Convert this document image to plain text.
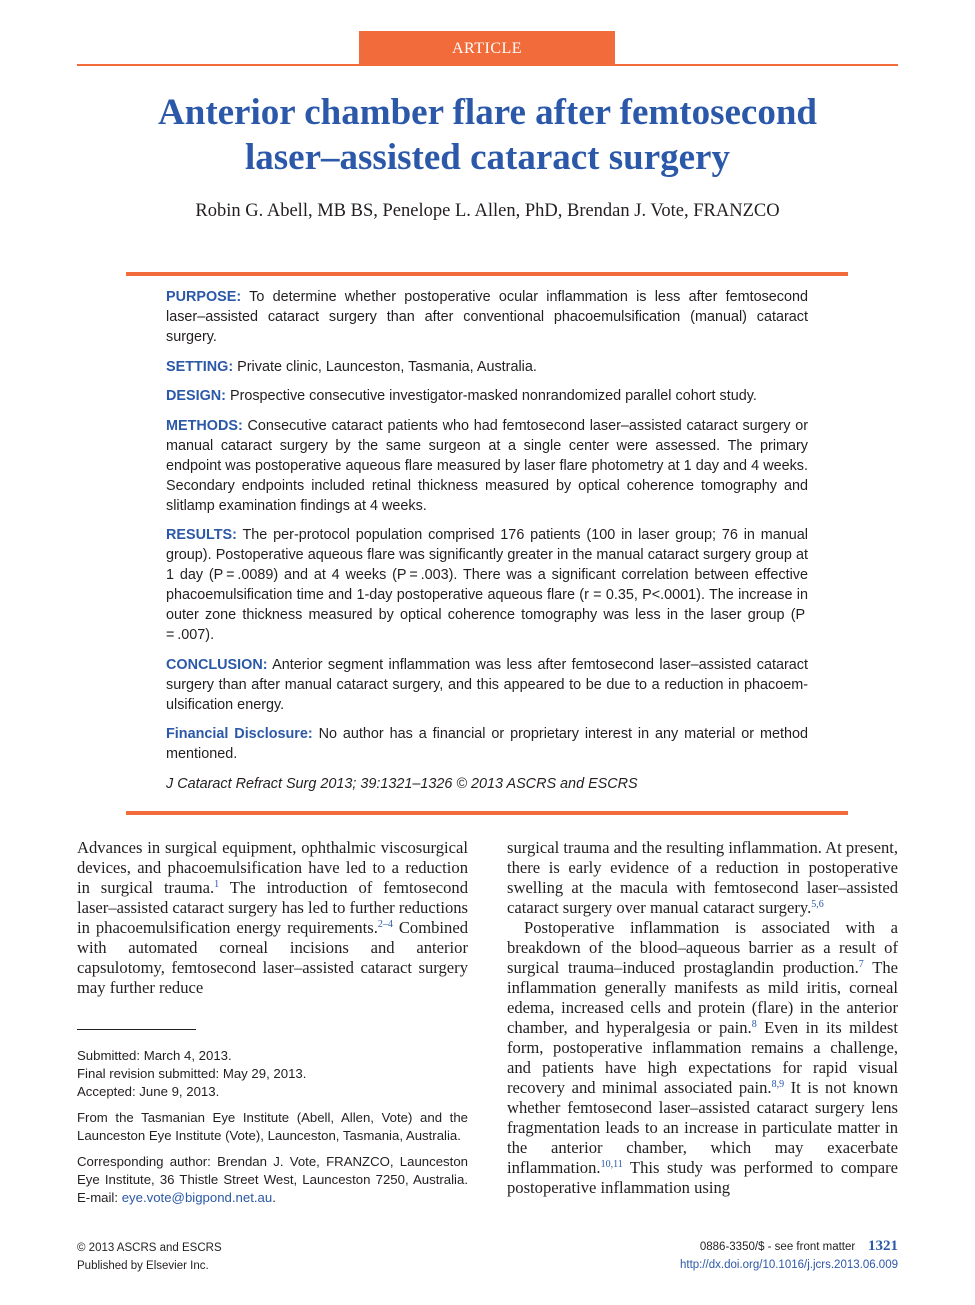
ARTICLE
Anterior chamber flare after femtosecond
laser–assisted cataract surgery
Robin G. Abell, MB BS, Penelope L. Allen, PhD, Brendan J. Vote, FRANZCO

PURPOSE: To determine whether postoperative ocular inflammation is less after femtosecond laser–assisted cataract surgery than after conventional phacoemulsification (manual) cataract surgery.

SETTING: Private clinic, Launceston, Tasmania, Australia.

DESIGN: Prospective consecutive investigator-masked nonrandomized parallel cohort study.

METHODS: Consecutive cataract patients who had femtosecond laser–assisted cataract surgery or manual cataract surgery by the same surgeon at a single center were assessed. The primary endpoint was postoperative aqueous flare measured by laser flare photometry at 1 day and 4 weeks. Secondary endpoints included retinal thickness measured by optical coherence tomography and slitlamp examination findings at 4 weeks.

RESULTS: The per-protocol population comprised 176 patients (100 in laser group; 76 in manual group). Postoperative aqueous flare was significantly greater in the manual cataract surgery group at 1 day (P = .0089) and at 4 weeks (P = .003). There was a significant correlation between effective phacoemulsification time and 1-day postoperative aqueous flare (r = 0.35, P<.0001). The increase in outer zone thickness measured by optical coherence tomography was less in the laser group (P = .007).

CONCLUSION: Anterior segment inflammation was less after femtosecond laser–assisted cataract surgery than after manual cataract surgery, and this appeared to be due to a reduction in phacoemulsification energy.

Financial Disclosure: No author has a financial or proprietary interest in any material or method mentioned.

J Cataract Refract Surg 2013; 39:1321–1326 © 2013 ASCRS and ESCRS

Advances in surgical equipment, ophthalmic viscosurgical devices, and phacoemulsification have led to a reduction in surgical trauma.$^1$ The introduction of femtosecond laser–assisted cataract surgery has led to further reductions in phacoemulsification energy requirements.$^{2-4}$ Combined with automated corneal incisions and anterior capsulotomy, femtosecond laser–assisted cataract surgery may further reduce

Submitted: March 4, 2013.
Final revision submitted: May 29, 2013.
Accepted: June 9, 2013.

From the Tasmanian Eye Institute (Abell, Allen, Vote) and the Launceston Eye Institute (Vote), Launceston, Tasmania, Australia.

Corresponding author: Brendan J. Vote, FRANZCO, Launceston Eye Institute, 36 Thistle Street West, Launceston 7250, Australia. E-mail: eye.vote@bigpond.net.au.

surgical trauma and the resulting inflammation. At present, there is early evidence of a reduction in postoperative swelling at the macula with femtosecond laser–assisted cataract surgery over manual cataract surgery.$^{5,6}$

Postoperative inflammation is associated with a breakdown of the blood–aqueous barrier as a result of surgical trauma–induced prostaglandin production.$^7$ The inflammation generally manifests as mild iritis, corneal edema, increased cells and protein (flare) in the anterior chamber, and hyperalgesia or pain.$^8$ Even in its mildest form, postoperative inflammation remains a challenge, and patients have high expectations for rapid visual recovery and minimal associated pain.$^{8,9}$ It is not known whether femtosecond laser–assisted cataract surgery lens fragmentation leads to an increase in particulate matter in the anterior chamber, which may exacerbate inflammation.$^{10,11}$ This study was performed to compare postoperative inflammation using

© 2013 ASCRS and ESCRS
Published by Elsevier Inc.
0886-3350/$ - see front matter 1321
http://dx.doi.org/10.1016/j.jcrs.2013.06.009
